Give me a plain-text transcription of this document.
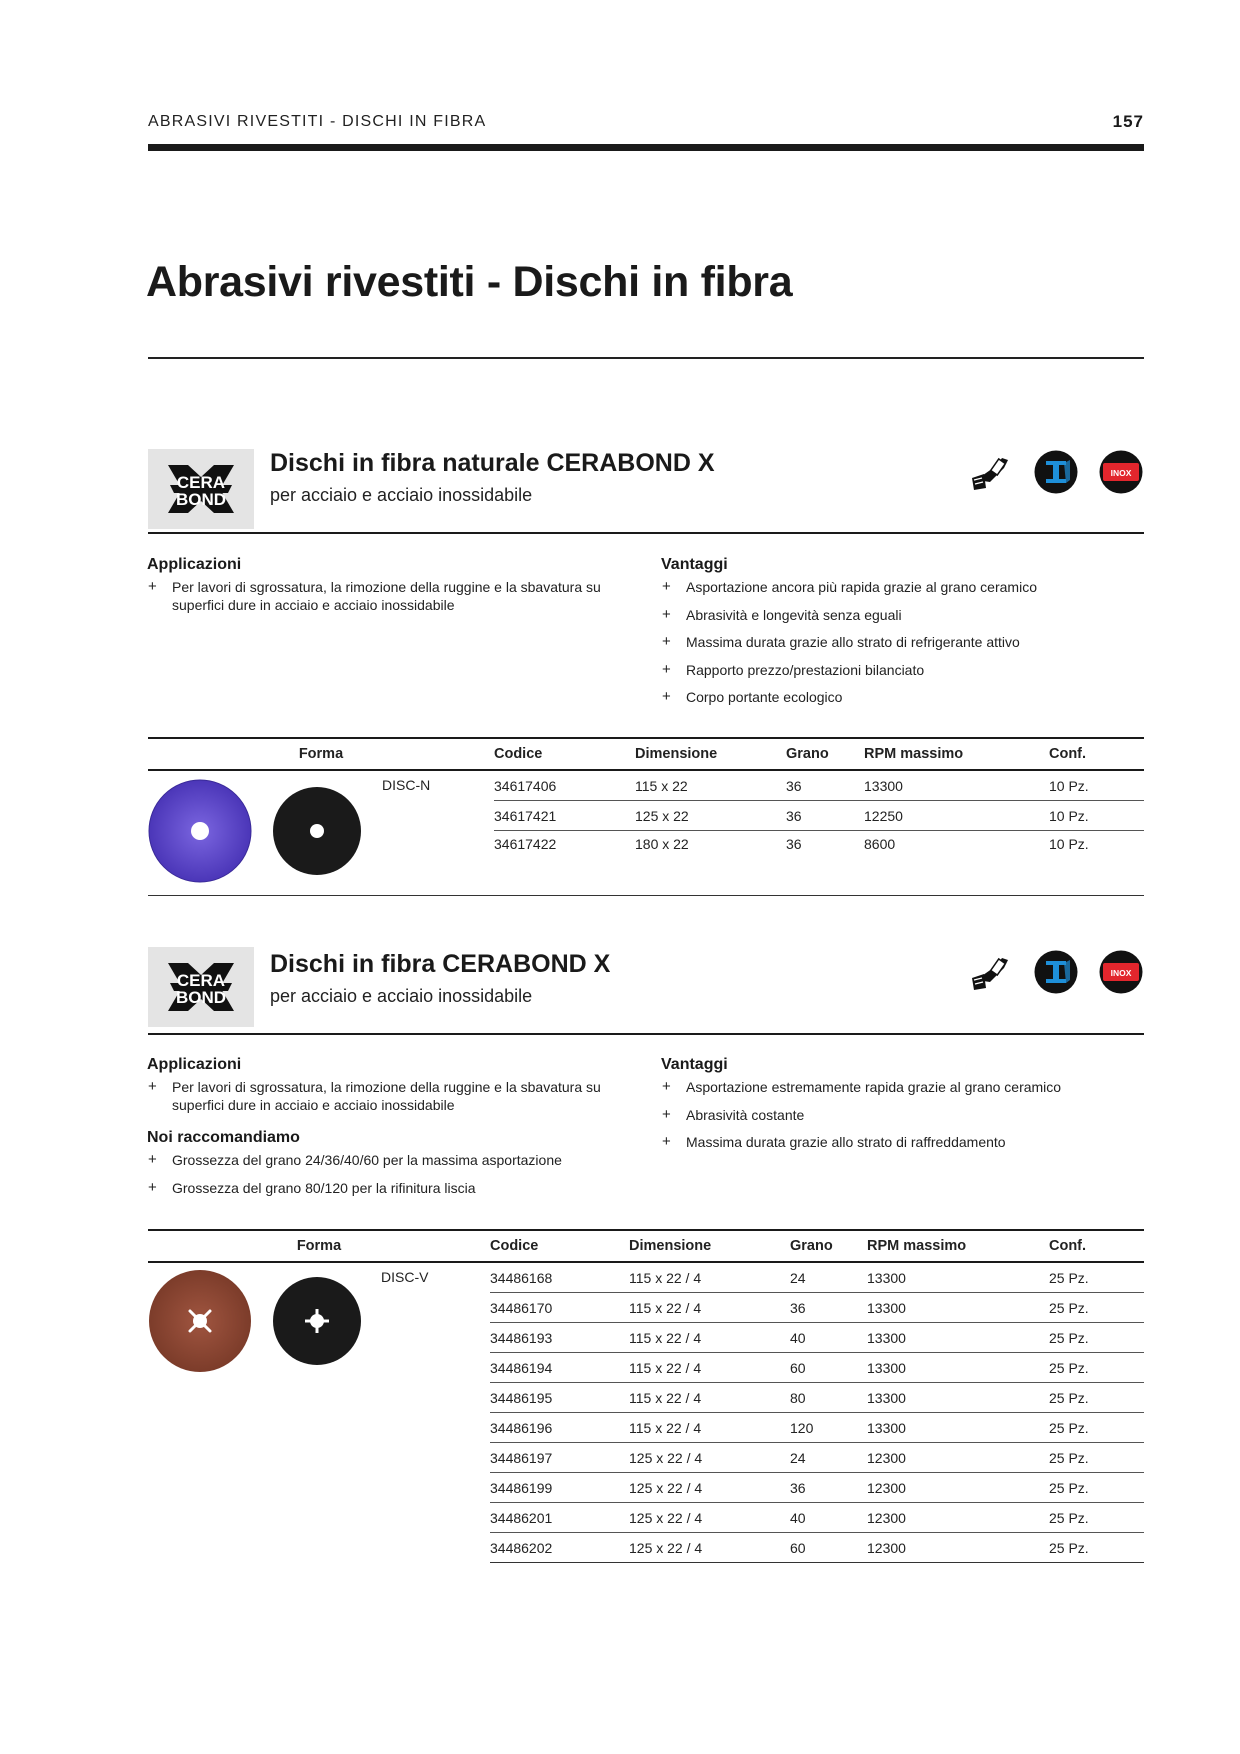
ABRASIVI RIVESTITI - DISCHI IN FIBRA	157
Abrasivi rivestiti - Dischi in fibra
CERA
BOND
Dischi in fibra naturale CERABOND X
per acciaio e acciaio inossidabile
INOX
Applicazioni
+ Per lavori di sgrossatura, la rimozione della ruggine e la sbavatura su superfici dure in acciaio e acciaio inossidabile
Vantaggi
+ Asportazione ancora più rapida grazie al grano ceramico
+ Abrasività e longevità senza eguali
+ Massima durata grazie allo strato di refrigerante attivo
+ Rapporto prezzo/prestazioni bilanciato
+ Corpo portante ecologico
Forma	Codice	Dimensione	Grano	RPM massimo	Conf.

DISC-N	34617406	115 x 22	36	13300	10 Pz.
	34617421	125 x 22	36	12250	10 Pz.
	34617422	180 x 22	36	8600	10 Pz.
CERA
BOND
Dischi in fibra CERABOND X
per acciaio e acciaio inossidabile
INOX
Applicazioni
+ Per lavori di sgrossatura, la rimozione della ruggine e la sbavatura su superfici dure in acciaio e acciaio inossidabile
Noi raccomandiamo
+ Grossezza del grano 24/36/40/60 per la massima asportazione
+ Grossezza del grano 80/120 per la rifinitura liscia
Vantaggi
+ Asportazione estremamente rapida grazie al grano ceramico
+ Abrasività costante
+ Massima durata grazie allo strato di raffreddamento
Forma	Codice	Dimensione	Grano	RPM massimo	Conf.

DISC-V	34486168	115 x 22 / 4	24	13300	25 Pz.
	34486170	115 x 22 / 4	36	13300	25 Pz.
	34486193	115 x 22 / 4	40	13300	25 Pz.
	34486194	115 x 22 / 4	60	13300	25 Pz.
	34486195	115 x 22 / 4	80	13300	25 Pz.
	34486196	115 x 22 / 4	120	13300	25 Pz.
	34486197	125 x 22 / 4	24	12300	25 Pz.
	34486199	125 x 22 / 4	36	12300	25 Pz.
	34486201	125 x 22 / 4	40	12300	25 Pz.
	34486202	125 x 22 / 4	60	12300	25 Pz.
